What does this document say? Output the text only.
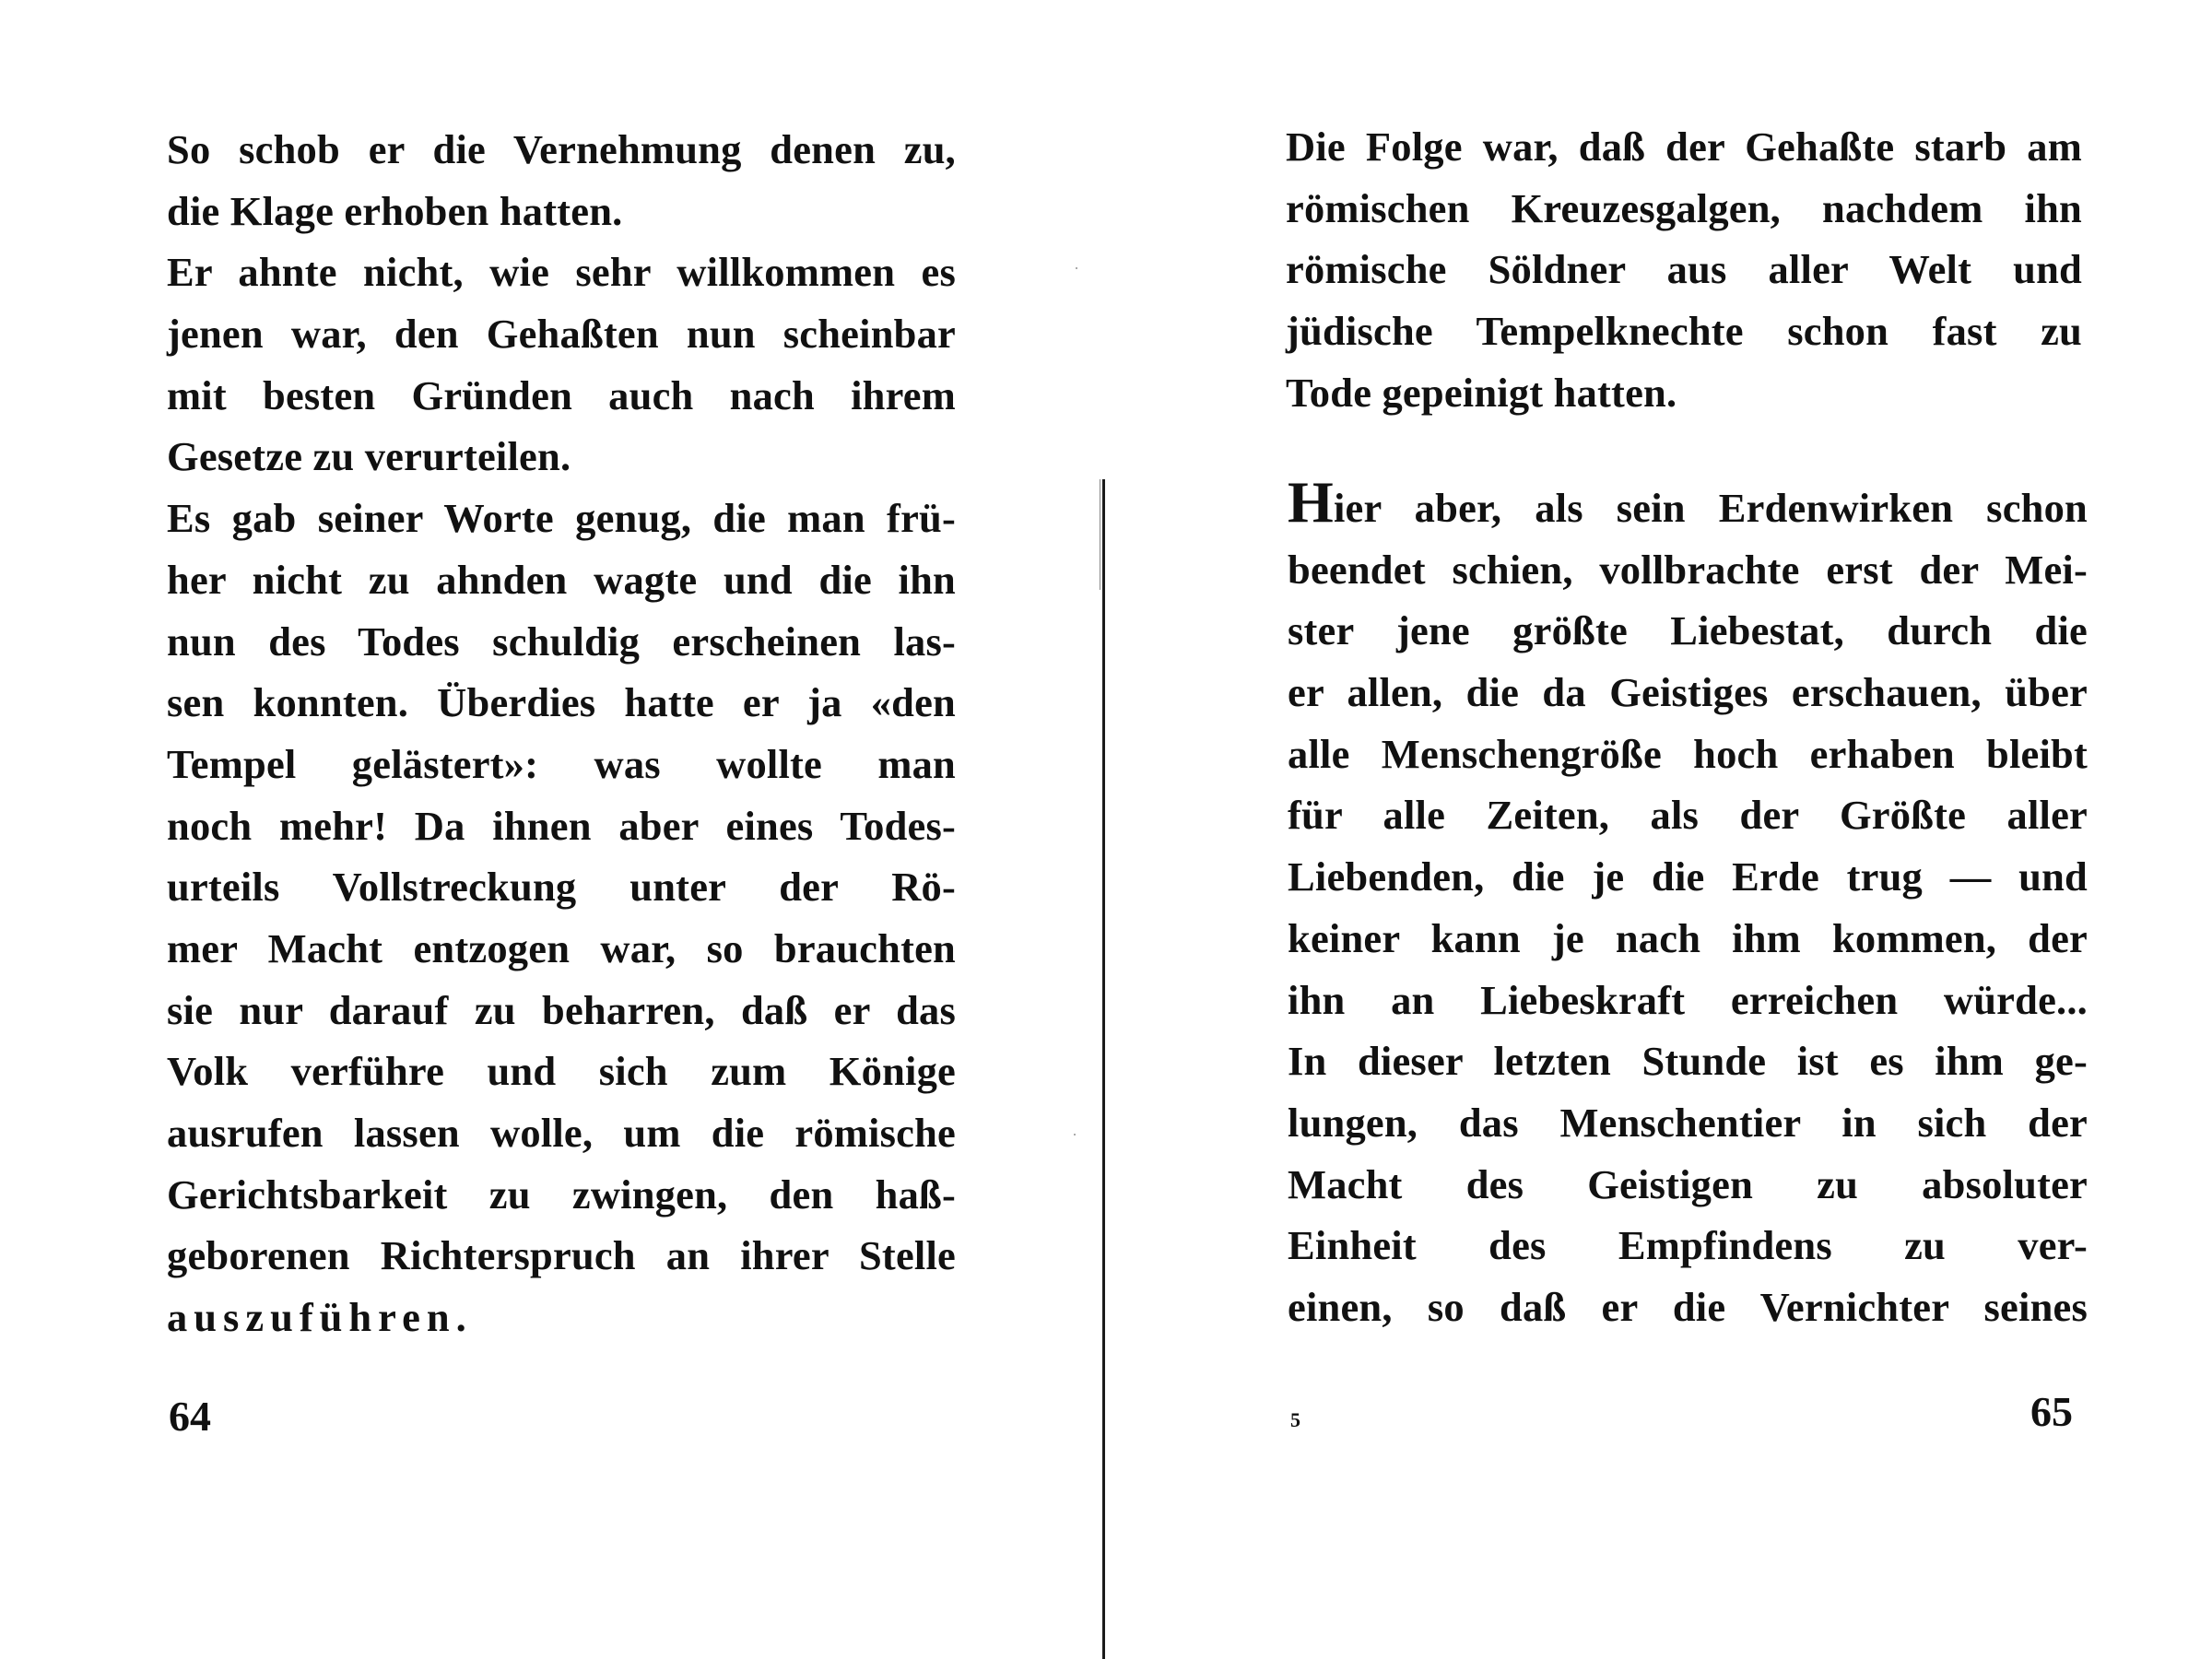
So schob er die Vernehmung denen zu,
die Klage erhoben hatten.
Er ahnte nicht, wie sehr willkommen es
jenen war, den Gehaßten nun scheinbar
mit besten Gründen auch nach ihrem
Gesetze zu verurteilen.
Es gab seiner Worte genug, die man frü-
her nicht zu ahnden wagte und die ihn
nun des Todes schuldig erscheinen las-
sen konnten. Überdies hatte er ja «den
Tempel gelästert»: was wollte man
noch mehr! Da ihnen aber eines Todes-
urteils Vollstreckung unter der Rö-
mer Macht entzogen war, so brauchten
sie nur darauf zu beharren, daß er das
Volk verführe und sich zum Könige
ausrufen lassen wolle, um die römische
Gerichtsbarkeit zu zwingen, den haß-
geborenen Richterspruch an ihrer Stelle
auszuführen.
64
Die Folge war, daß der Gehaßte starb am
römischen Kreuzesgalgen, nachdem ihn
römische Söldner aus aller Welt und
jüdische Tempelknechte schon fast zu
Tode gepeinigt hatten.
Hier aber, als sein Erdenwirken schon
beendet schien, vollbrachte erst der Mei-
ster jene größte Liebestat, durch die
er allen, die da Geistiges erschauen, über
alle Menschengröße hoch erhaben bleibt
für alle Zeiten, als der Größte aller
Liebenden, die je die Erde trug — und
keiner kann je nach ihm kommen, der
ihn an Liebeskraft erreichen würde...
In dieser letzten Stunde ist es ihm ge-
lungen, das Menschentier in sich der
Macht des Geistigen zu absoluter
Einheit des Empfindens zu ver-
einen, so daß er die Vernichter seines
5	65
